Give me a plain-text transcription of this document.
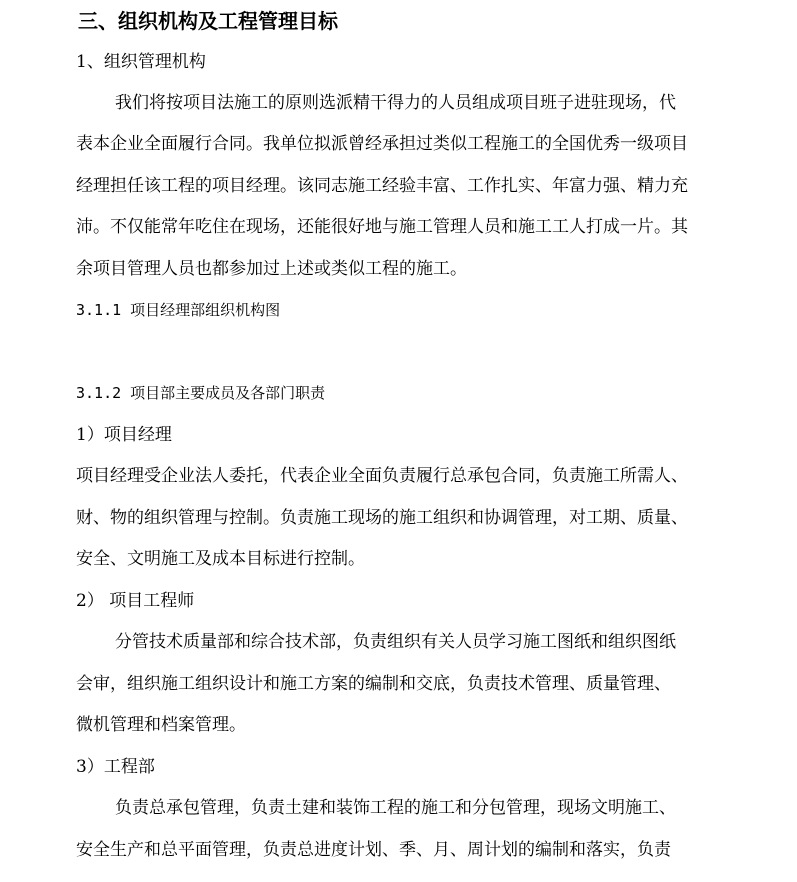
三、组织机构及工程管理目标
1、组织管理机构
我们将按项目法施工的原则选派精干得力的人员组成项目班子进驻现场，代
表本企业全面履行合同。我单位拟派曾经承担过类似工程施工的全国优秀一级项目
经理担任该工程的项目经理。该同志施工经验丰富、工作扎实、年富力强、精力充
沛。不仅能常年吃住在现场，还能很好地与施工管理人员和施工工人打成一片。其
余项目管理人员也都参加过上述或类似工程的施工。
3.1.1 项目经理部组织机构图
3.1.2 项目部主要成员及各部门职责
1）项目经理
项目经理受企业法人委托，代表企业全面负责履行总承包合同，负责施工所需人、
财、物的组织管理与控制。负责施工现场的施工组织和协调管理，对工期、质量、
安全、文明施工及成本目标进行控制。
2） 项目工程师
分管技术质量部和综合技术部，负责组织有关人员学习施工图纸和组织图纸
会审，组织施工组织设计和施工方案的编制和交底，负责技术管理、质量管理、
微机管理和档案管理。
3）工程部
负责总承包管理，负责土建和装饰工程的施工和分包管理，现场文明施工、
安全生产和总平面管理，负责总进度计划、季、月、周计划的编制和落实，负责
